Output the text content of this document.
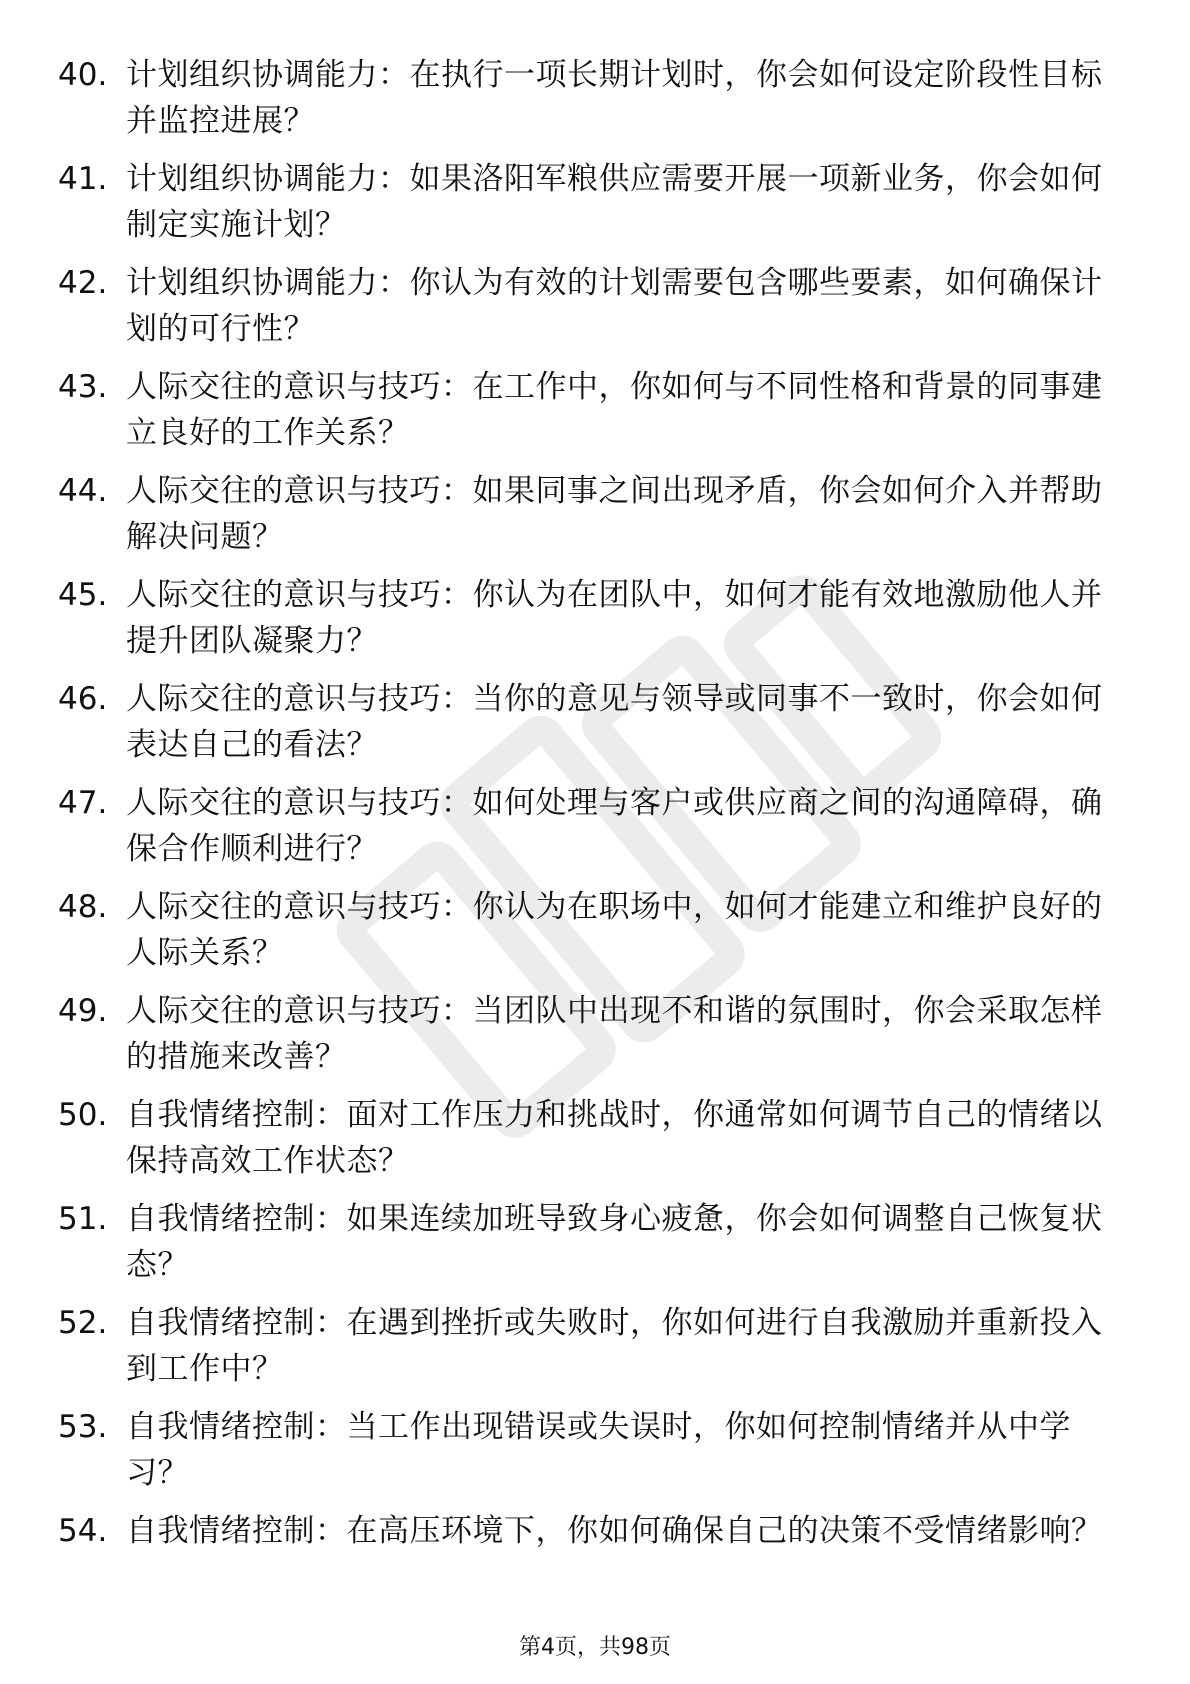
40. 计划组织协调能力：在执行一项长期计划时，你会如何设定阶段性目标并监控进展？
41. 计划组织协调能力：如果洛阳军粮供应需要开展一项新业务，你会如何制定实施计划？
42. 计划组织协调能力：你认为有效的计划需要包含哪些要素，如何确保计划的可行性？
43. 人际交往的意识与技巧：在工作中，你如何与不同性格和背景的同事建立良好的工作关系？
44. 人际交往的意识与技巧：如果同事之间出现矛盾，你会如何介入并帮助解决问题？
45. 人际交往的意识与技巧：你认为在团队中，如何才能有效地激励他人并提升团队凝聚力？
46. 人际交往的意识与技巧：当你的意见与领导或同事不一致时，你会如何表达自己的看法？
47. 人际交往的意识与技巧：如何处理与客户或供应商之间的沟通障碍，确保合作顺利进行？
48. 人际交往的意识与技巧：你认为在职场中，如何才能建立和维护良好的人际关系？
49. 人际交往的意识与技巧：当团队中出现不和谐的氛围时，你会采取怎样的措施来改善？
50. 自我情绪控制：面对工作压力和挑战时，你通常如何调节自己的情绪以保持高效工作状态？
51. 自我情绪控制：如果连续加班导致身心疲惫，你会如何调整自己恢复状态？
52. 自我情绪控制：在遇到挫折或失败时，你如何进行自我激励并重新投入到工作中？
53. 自我情绪控制：当工作出现错误或失误时，你如何控制情绪并从中学习？
54. 自我情绪控制：在高压环境下，你如何确保自己的决策不受情绪影响？
第4页，共98页
